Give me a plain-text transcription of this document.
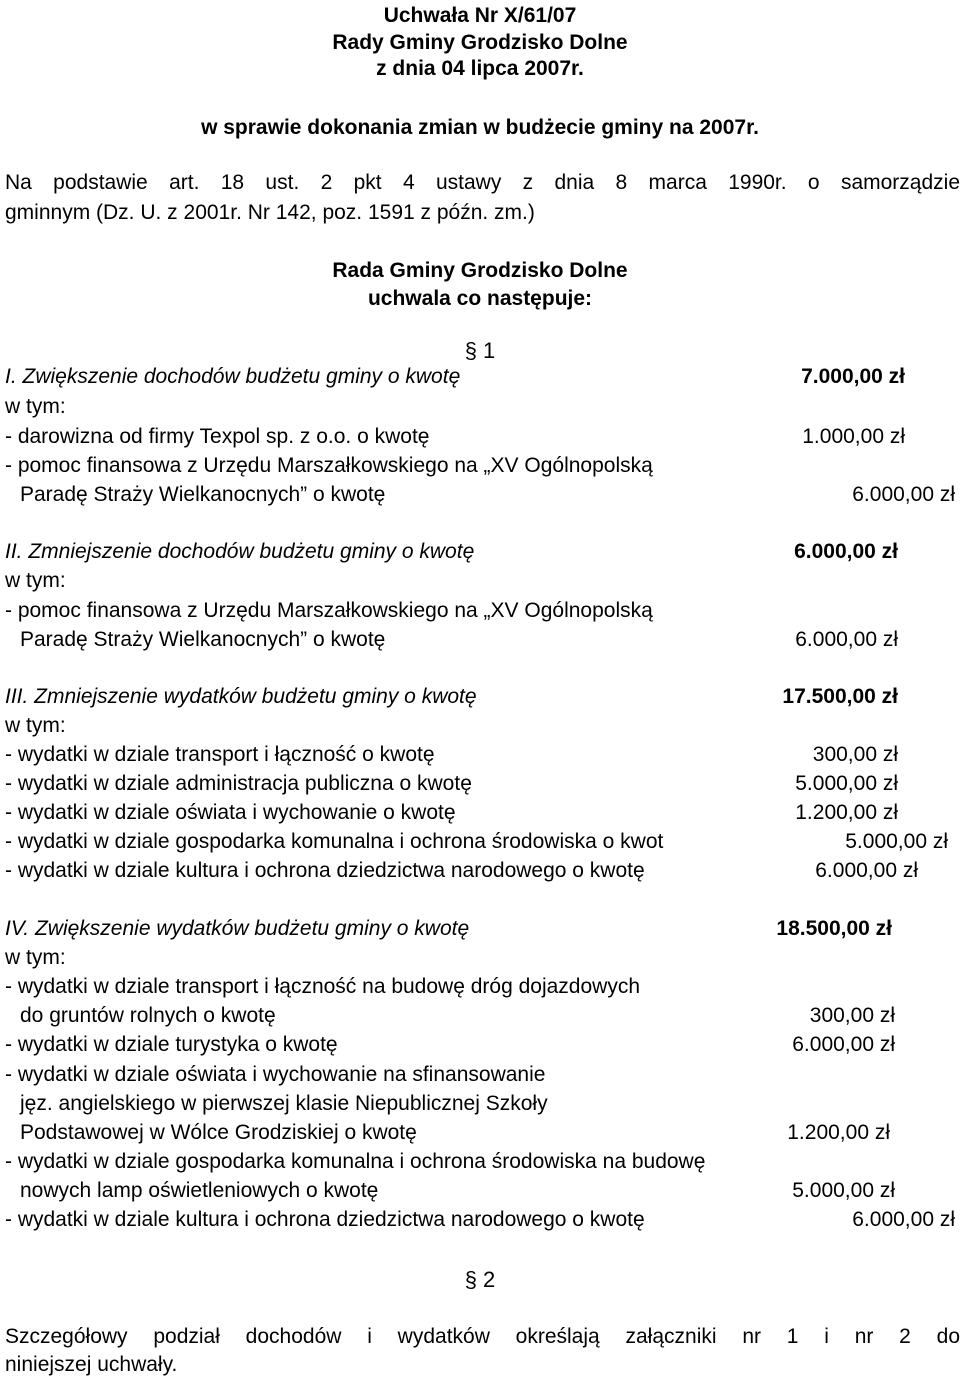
Uchwała Nr X/61/07
Rady Gminy Grodzisko Dolne
z dnia 04 lipca 2007r.
w sprawie dokonania zmian w budżecie gminy na 2007r.
Na podstawie art. 18 ust. 2 pkt 4 ustawy z dnia 8 marca 1990r. o samorządzie
gminnym (Dz. U. z 2001r. Nr 142, poz. 1591 z późn. zm.)
Rada Gminy Grodzisko Dolne
uchwala co następuje:
§ 1
I. Zwiększenie dochodów budżetu gminy o kwotę	7.000,00 zł
w tym:
- darowizna od firmy Texpol sp. z o.o. o kwotę	1.000,00 zł
- pomoc finansowa z Urzędu Marszałkowskiego na „XV Ogólnopolską
Paradę Straży Wielkanocnych” o kwotę	6.000,00 zł
II. Zmniejszenie dochodów budżetu gminy o kwotę	6.000,00 zł
w tym:
- pomoc finansowa z Urzędu Marszałkowskiego na „XV Ogólnopolską
Paradę Straży Wielkanocnych” o kwotę	6.000,00 zł
III. Zmniejszenie wydatków budżetu gminy o kwotę	17.500,00 zł
w tym:
- wydatki w dziale transport i łączność o kwotę	300,00 zł
- wydatki w dziale administracja publiczna o kwotę	5.000,00 zł
- wydatki w dziale oświata i wychowanie o kwotę	1.200,00 zł
- wydatki w dziale gospodarka komunalna i ochrona środowiska o kwot	5.000,00 zł
- wydatki w dziale kultura i ochrona dziedzictwa narodowego o kwotę	6.000,00 zł
IV. Zwiększenie wydatków budżetu gminy o kwotę	18.500,00 zł
w tym:
- wydatki w dziale transport i łączność na budowę dróg dojazdowych
do gruntów rolnych o kwotę	300,00 zł
- wydatki w dziale turystyka o kwotę	6.000,00 zł
- wydatki w dziale oświata i wychowanie na sfinansowanie
jęz. angielskiego w pierwszej klasie Niepublicznej Szkoły
Podstawowej w Wólce Grodziskiej o kwotę	1.200,00 zł
- wydatki w dziale gospodarka komunalna i ochrona środowiska na budowę
nowych lamp oświetleniowych o kwotę	5.000,00 zł
- wydatki w dziale kultura i ochrona dziedzictwa narodowego o kwotę	6.000,00 zł
§ 2
Szczegółowy podział dochodów i wydatków określają załączniki nr 1 i nr 2 do
niniejszej uchwały.
